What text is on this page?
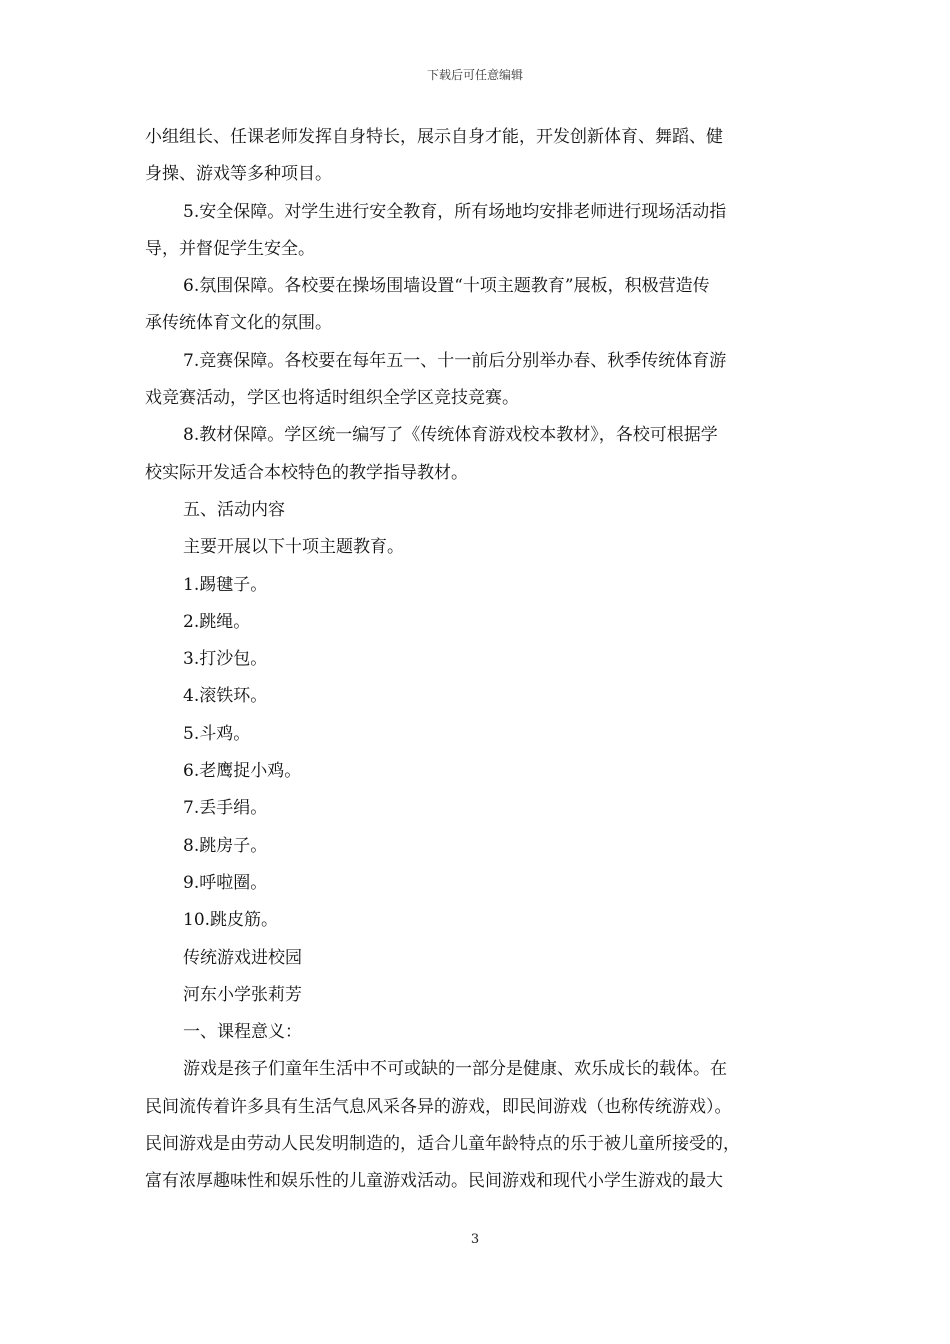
下载后可任意编辑
小组组长、任课老师发挥自身特长，展示自身才能，开发创新体育、舞蹈、健
身操、游戏等多种项目。
5.安全保障。对学生进行安全教育，所有场地均安排老师进行现场活动指
导，并督促学生安全。
6.氛围保障。各校要在操场围墙设置“十项主题教育”展板，积极营造传
承传统体育文化的氛围。
7.竞赛保障。各校要在每年五一、十一前后分别举办春、秋季传统体育游
戏竞赛活动，学区也将适时组织全学区竞技竞赛。
8.教材保障。学区统一编写了《传统体育游戏校本教材》，各校可根据学
校实际开发适合本校特色的教学指导教材。
五、活动内容
主要开展以下十项主题教育。
1.踢毽子。
2.跳绳。
3.打沙包。
4.滚铁环。
5.斗鸡。
6.老鹰捉小鸡。
7.丢手绢。
8.跳房子。
9.呼啦圈。
10.跳皮筋。
传统游戏进校园
河东小学张莉芳
一、课程意义：
游戏是孩子们童年生活中不可或缺的一部分是健康、欢乐成长的载体。在
民间流传着许多具有生活气息风采各异的游戏，即民间游戏（也称传统游戏）。
民间游戏是由劳动人民发明制造的，适合儿童年龄特点的乐于被儿童所接受的，
富有浓厚趣味性和娱乐性的儿童游戏活动。民间游戏和现代小学生游戏的最大
3
